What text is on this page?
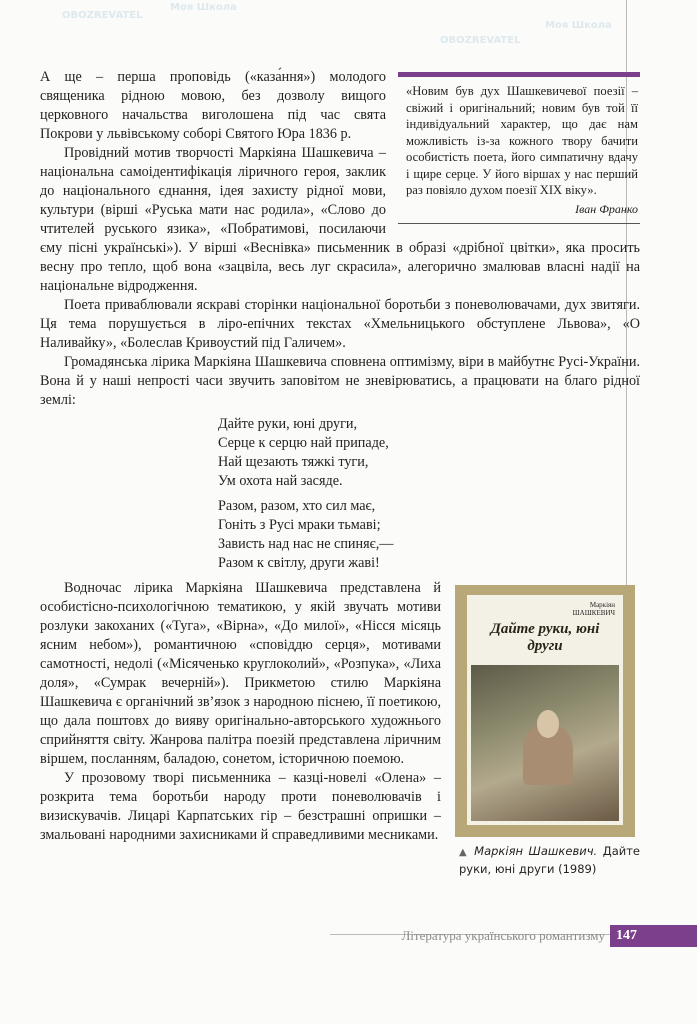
Моя Школа
OBOZREVATEL
OBOZREVATEL
Моя Школа
«Новим був дух Шашкевичевої поезії – свіжий і оригінальний; новим був той її індивідуальний характер, що дає нам можливість із-за кожного твору бачити особистість поета, його симпатичну вдачу і щире серце. У його віршах у нас перший раз повіяло духом поезії XIX віку».
Іван Франко

А ще – перша проповідь («каза́ння») молодого священика рідною мовою, без дозволу вищого церковного начальства виголошена під час свята Покрови у львівському соборі Святого Юра 1836 р.

Провідний мотив творчості Маркіяна Шашкевича – національна самоідентифікація ліричного героя, заклик до національного єднання, ідея захисту рідної мови, культури (вірші «Руська мати нас родила», «Слово до чтителей руського язика», «Побратимові, посилаючи єму пісні українські»). У вірші «Веснівка» письменник в образі «дрібної цвітки», яка просить весну про тепло, щоб вона «зацвіла, весь луг скрасила», алегорично змалював власні надії на національне відродження.

Поета приваблювали яскраві сторінки національної боротьби з поневолювачами, дух звитяги. Ця тема порушується в ліро-епічних текстах «Хмельницького обступлене Львова», «О Наливайку», «Болеслав Кривоустий під Галичем».

Громадянська лірика Маркіяна Шашкевича сповнена оптимізму, віри в майбутнє Русі-України. Вона й у наші непрості часи звучить заповітом не зневірюватись, а працювати на благо рідної землі:

Дайте руки, юні други,
Серце к серцю най припаде,
Най щезають тяжкі туги,
Ум охота най засяде.
Разом, разом, хто сил має,
Гоніть з Русі мраки тьмаві;
Зависть над нас не спиняє,—
Разом к світлу, други жаві!
Маркіян
ШАШКЕВИЧ
Дайте руки, юні други
▲ Маркіян Шашкевич. Дайте руки, юні други (1989)

Водночас лірика Маркіяна Шашкевича представлена й особистісно-психологічною тематикою, у якій звучать мотиви розлуки закоханих («Туга», «Вірна», «До милої», «Нісся місяць ясним небом»), романтичною «сповіддю серця», мотивами самотності, недолі («Місяченько круглоколий», «Розпука», «Лиха доля», «Сумрак вечерній»). Прикметою стилю Маркіяна Шашкевича є органічний зв’язок з народною піснею, її поетикою, що дала поштовх до вияву оригінально-авторського художнього сприйняття світу. Жанрова палітра поезій представлена ліричним віршем, посланням, баладою, сонетом, історичною поемою.

У прозовому творі письменника – казці-новелі «Олена» – розкрита тема боротьби народу проти поневолювачів і визискувачів. Лицарі Карпатських гір – безстрашні опришки – змальовані народними захисниками й справедливими месниками.

Література українського романтизму 147
